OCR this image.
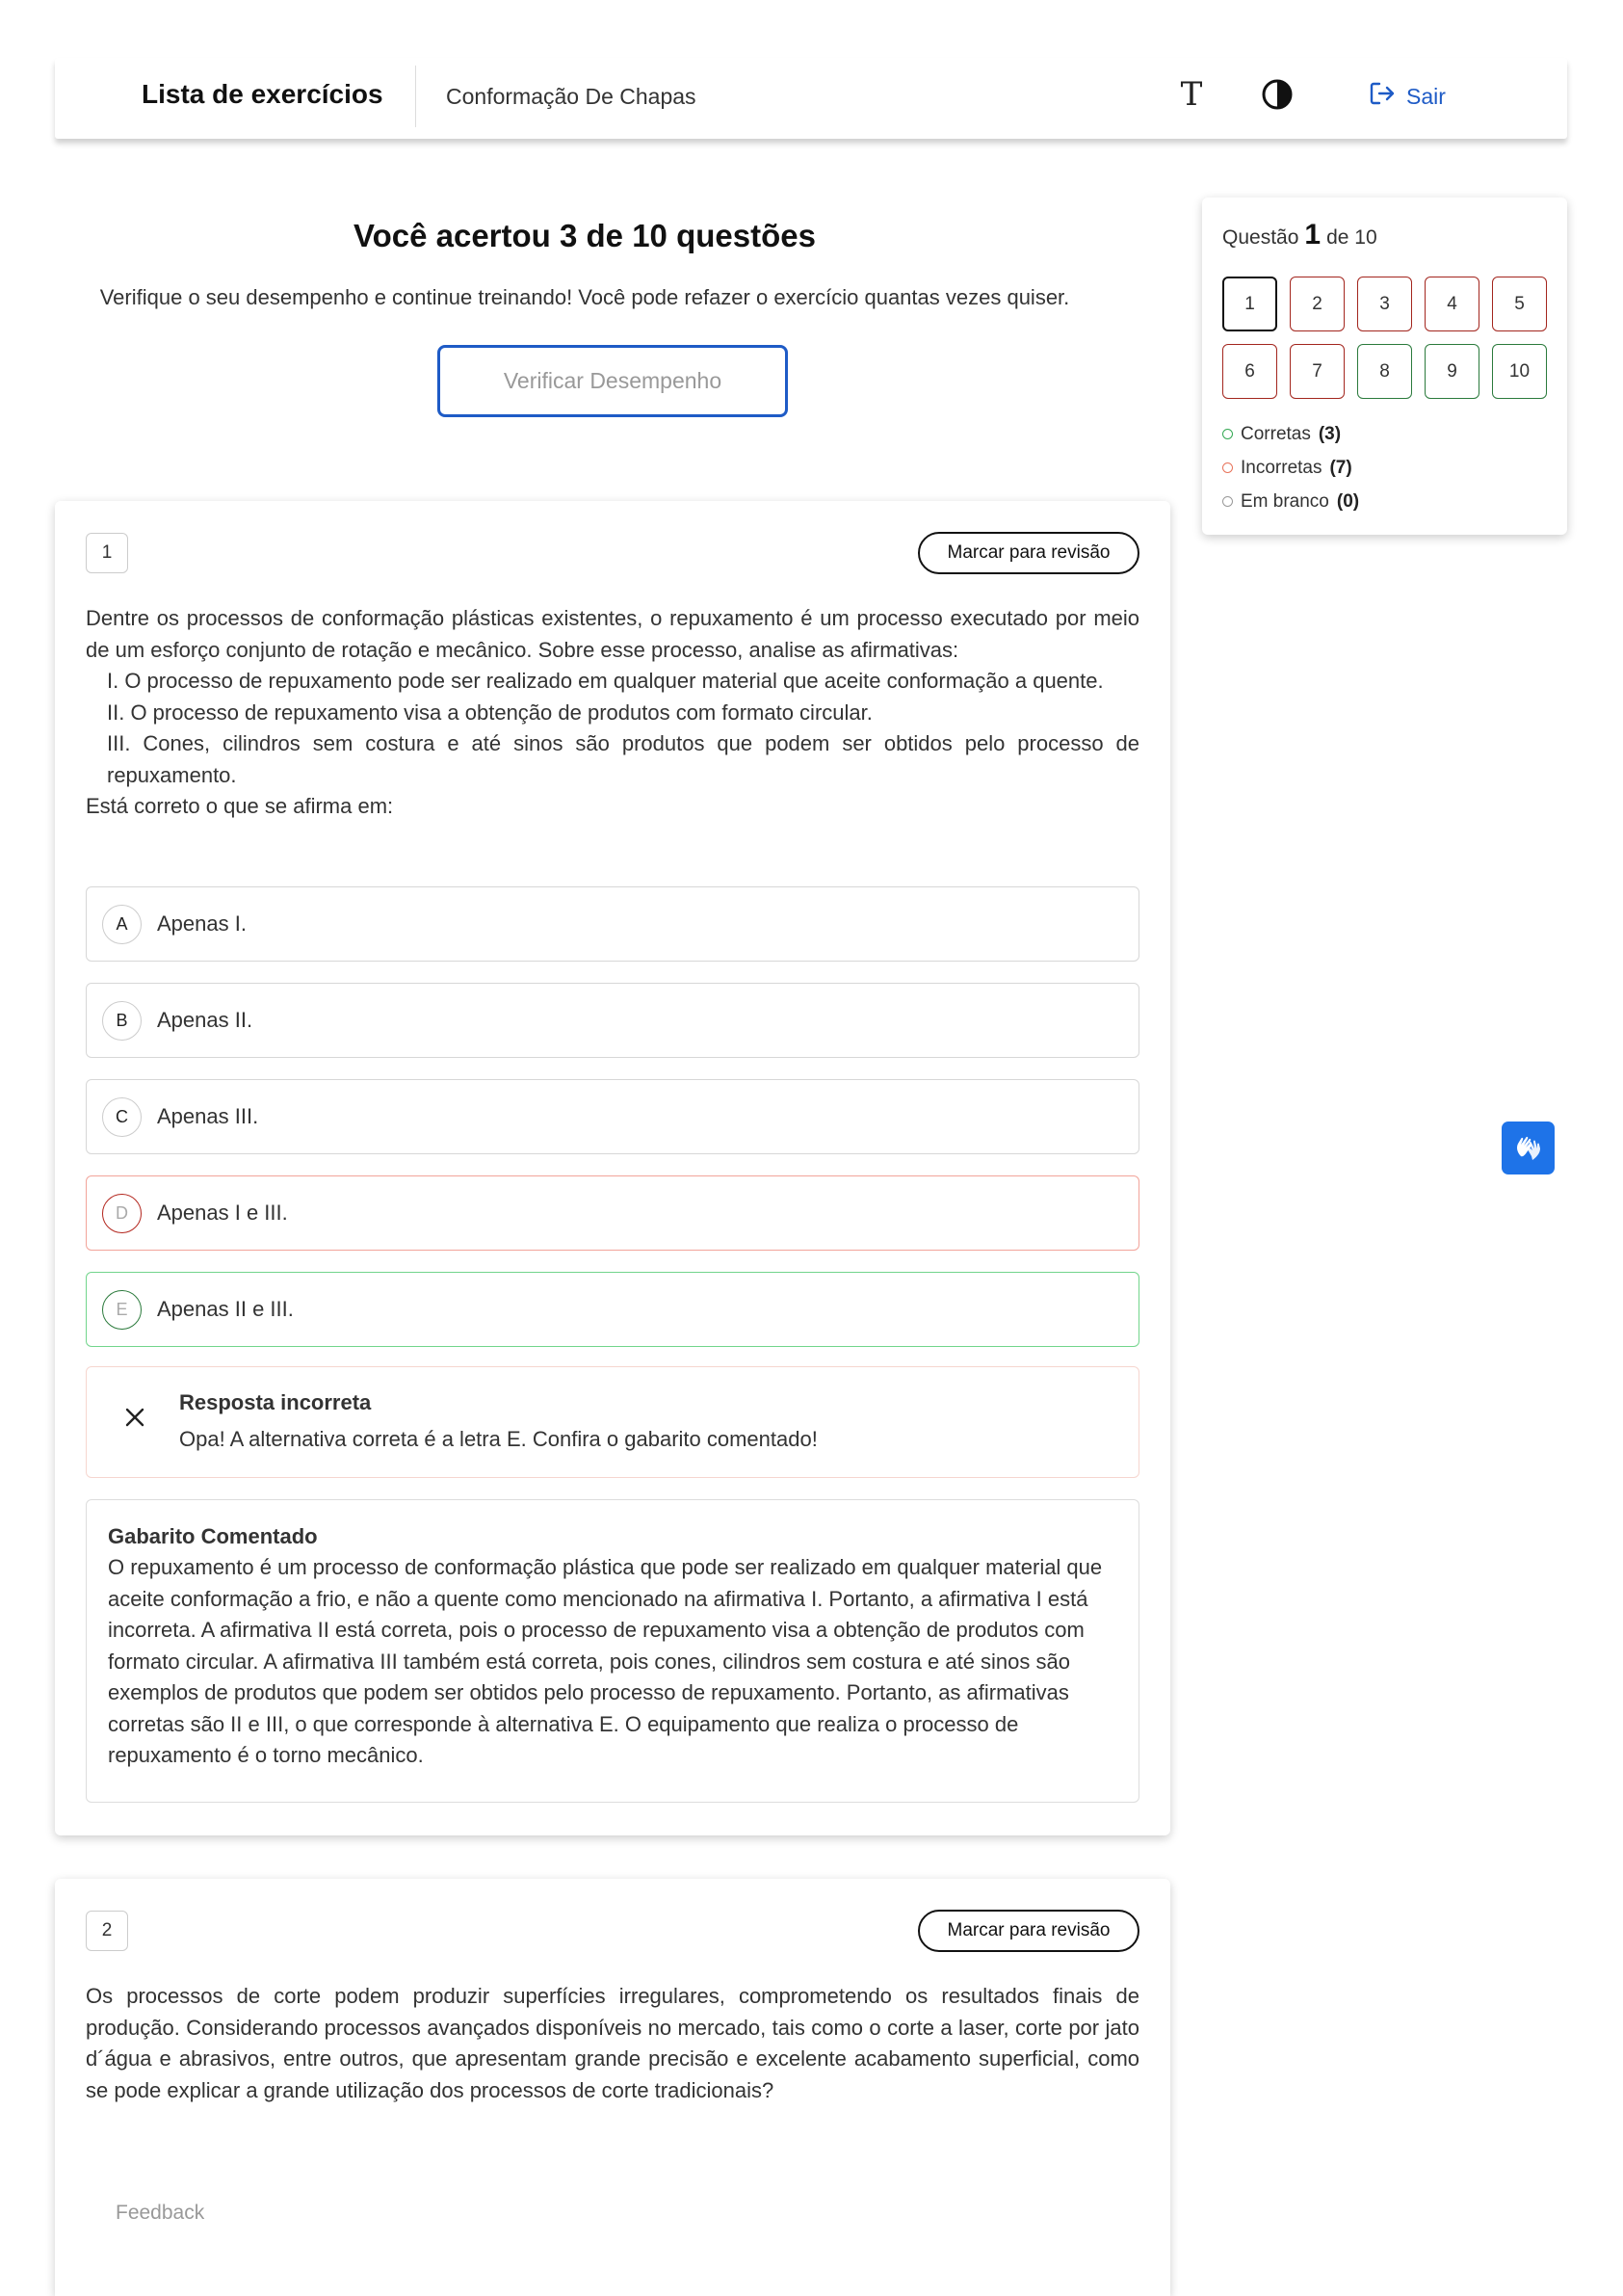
Lista de exercícios	Conformação De Chapas	T	Sair
Você acertou 3 de 10 questões
Verifique o seu desempenho e continue treinando! Você pode refazer o exercício quantas vezes quiser.
Verificar Desempenho
1	Marcar para revisão
Dentre os processos de conformação plásticas existentes, o repuxamento é um processo executado por meio de um esforço conjunto de rotação e mecânico. Sobre esse processo, analise as afirmativas:
I. O processo de repuxamento pode ser realizado em qualquer material que aceite conformação a quente.
II. O processo de repuxamento visa a obtenção de produtos com formato circular.
III. Cones, cilindros sem costura e até sinos são produtos que podem ser obtidos pelo processo de repuxamento.
Está correto o que se afirma em:
A	Apenas I.
B	Apenas II.
C	Apenas III.
D	Apenas I e III.
E	Apenas II e III.
Resposta incorreta
Opa! A alternativa correta é a letra E. Confira o gabarito comentado!
Gabarito Comentado
O repuxamento é um processo de conformação plástica que pode ser realizado em qualquer material que aceite conformação a frio, e não a quente como mencionado na afirmativa I. Portanto, a afirmativa I está incorreta. A afirmativa II está correta, pois o processo de repuxamento visa a obtenção de produtos com formato circular. A afirmativa III também está correta, pois cones, cilindros sem costura e até sinos são exemplos de produtos que podem ser obtidos pelo processo de repuxamento. Portanto, as afirmativas corretas são II e III, o que corresponde à alternativa E. O equipamento que realiza o processo de repuxamento é o torno mecânico.
2	Marcar para revisão
Os processos de corte podem produzir superfícies irregulares, comprometendo os resultados finais de produção. Considerando processos avançados disponíveis no mercado, tais como o corte a laser, corte por jato d´água e abrasivos, entre outros, que apresentam grande precisão e excelente acabamento superficial, como se pode explicar a grande utilização dos processos de corte tradicionais?
Feedback
Questão 1 de 10
1	2	3	4	5
6	7	8	9	10
Corretas (3)
Incorretas (7)
Em branco (0)
